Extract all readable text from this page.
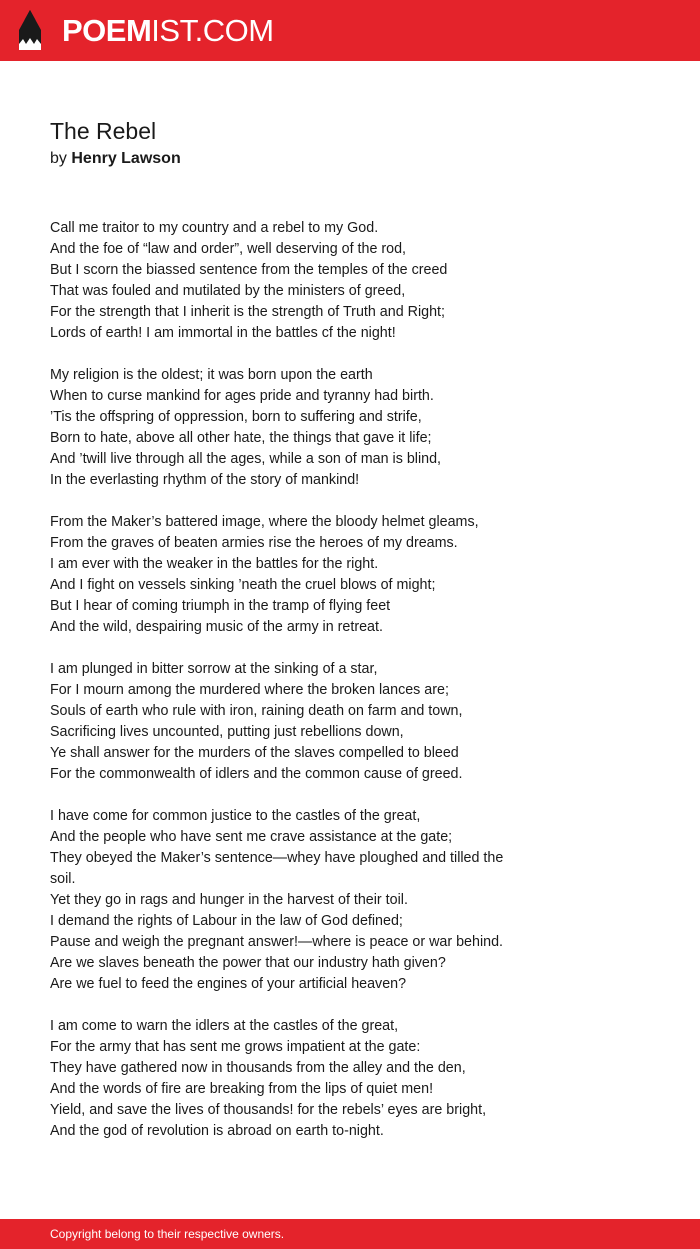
POEMIST.COM
The Rebel
by Henry Lawson
Call me traitor to my country and a rebel to my God.
And the foe of “law and order”, well deserving of the rod,
But I scorn the biassed sentence from the temples of the creed
That was fouled and mutilated by the ministers of greed,
For the strength that I inherit is the strength of Truth and Right;
Lords of earth! I am immortal in the battles cf the night!
My religion is the oldest; it was born upon the earth
When to curse mankind for ages pride and tyranny had birth.
’Tis the offspring of oppression, born to suffering and strife,
Born to hate, above all other hate, the things that gave it life;
And ’twill live through all the ages, while a son of man is blind,
In the everlasting rhythm of the story of mankind!
From the Maker’s battered image, where the bloody helmet gleams,
From the graves of beaten armies rise the heroes of my dreams.
I am ever with the weaker in the battles for the right.
And I fight on vessels sinking ’neath the cruel blows of might;
But I hear of coming triumph in the tramp of flying feet
And the wild, despairing music of the army in retreat.
I am plunged in bitter sorrow at the sinking of a star,
For I mourn among the murdered where the broken lances are;
Souls of earth who rule with iron, raining death on farm and town,
Sacrificing lives uncounted, putting just rebellions down,
Ye shall answer for the murders of the slaves compelled to bleed
For the commonwealth of idlers and the common cause of greed.
I have come for common justice to the castles of the great,
And the people who have sent me crave assistance at the gate;
They obeyed the Maker’s sentence—whey have ploughed and tilled the
soil.
Yet they go in rags and hunger in the harvest of their toil.
I demand the rights of Labour in the law of God defined;
Pause and weigh the pregnant answer!—where is peace or war behind.
Are we slaves beneath the power that our industry hath given?
Are we fuel to feed the engines of your artificial heaven?
I am come to warn the idlers at the castles of the great,
For the army that has sent me grows impatient at the gate:
They have gathered now in thousands from the alley and the den,
And the words of fire are breaking from the lips of quiet men!
Yield, and save the lives of thousands! for the rebels’ eyes are bright,
And the god of revolution is abroad on earth to-night.
Copyright belong to their respective owners.
